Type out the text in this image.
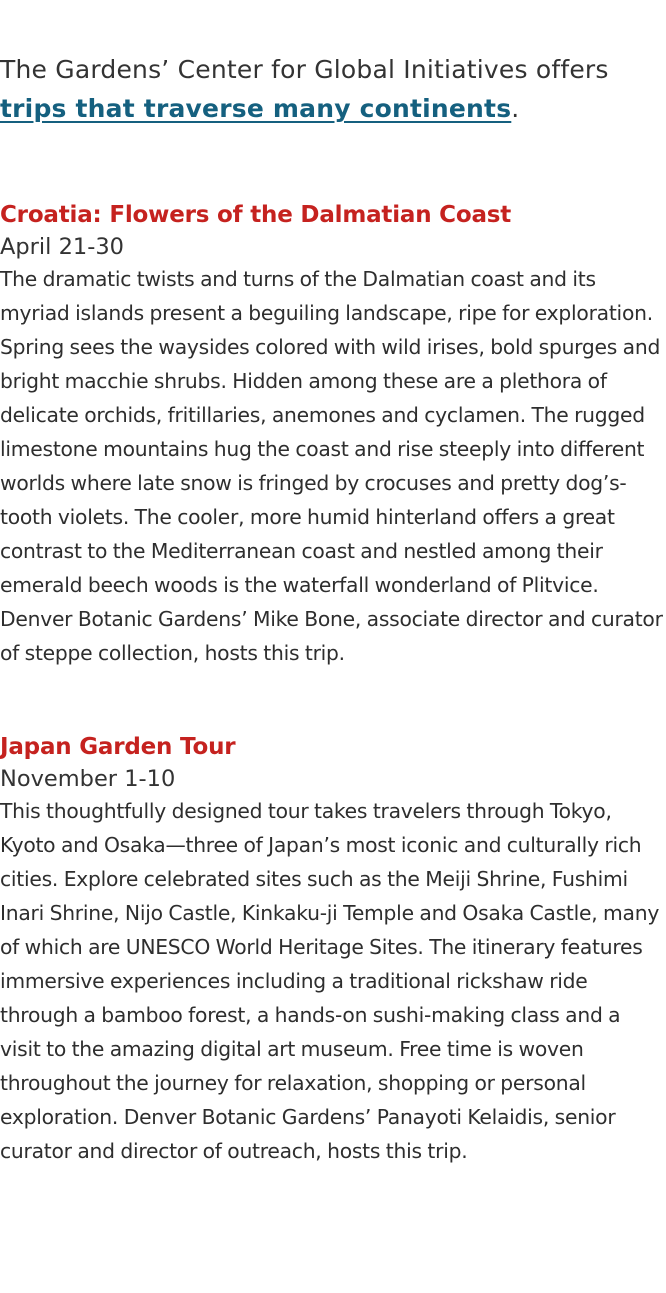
The Gardens’ Center for Global Initiatives offers trips that traverse many continents.
Croatia: Flowers of the Dalmatian Coast
April 21-30

The dramatic twists and turns of the Dalmatian coast and its myriad islands present a beguiling landscape, ripe for exploration. Spring sees the waysides colored with wild irises, bold spurges and bright macchie shrubs. Hidden among these are a plethora of delicate orchids, fritillaries, anemones and cyclamen. The rugged limestone mountains hug the coast and rise steeply into different worlds where late snow is fringed by crocuses and pretty dog’s-tooth violets. The cooler, more humid hinterland offers a great contrast to the Mediterranean coast and nestled among their emerald beech woods is the waterfall wonderland of Plitvice. Denver Botanic Gardens’ Mike Bone, associate director and curator of steppe collection, hosts this trip.

Japan Garden Tour
November 1-10

This thoughtfully designed tour takes travelers through Tokyo, Kyoto and Osaka—three of Japan’s most iconic and culturally rich cities. Explore celebrated sites such as the Meiji Shrine, Fushimi Inari Shrine, Nijo Castle, Kinkaku-ji Temple and Osaka Castle, many of which are UNESCO World Heritage Sites. The itinerary features immersive experiences including a traditional rickshaw ride through a bamboo forest, a hands-on sushi-making class and a visit to the amazing digital art museum. Free time is woven throughout the journey for relaxation, shopping or personal exploration. Denver Botanic Gardens’ Panayoti Kelaidis, senior curator and director of outreach, hosts this trip.
